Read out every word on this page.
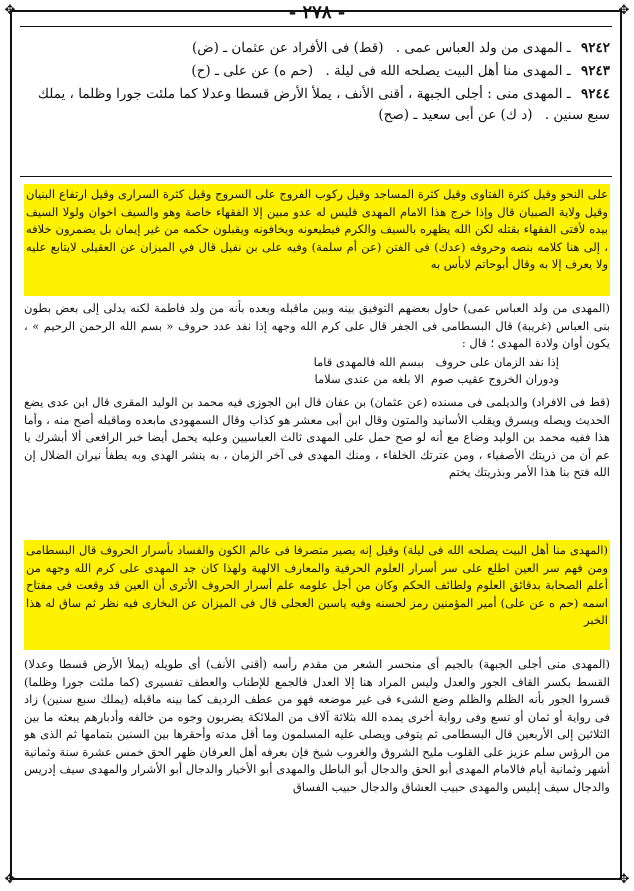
✥	✥
✥	✥
- ٢٧٨ -
٩٢٤٢ ـ المهدى من ولد العباس عمى . (قط) فى الأفراد عن عثمان ـ (ض)
٩٢٤٣ ـ المهدى منا أهل البيت يصلحه الله فى ليلة . (حم ه) عن على ـ (ح)
٩٢٤٤ ـ المهدى منى : أجلى الجبهة ، أقنى الأنف ، يملأ الأرض قسطا وعدلا كما ملئت جورا وظلما ، يملك سبع سنين . (د ك) عن أبى سعيد ـ (صح)
على النحو وقيل كثرة الفتاوى وقيل كثرة المساجد وقيل ركوب الفروج على السروج وقيل كثرة السرارى وقيل ارتفاع البنيان وقيل ولاية الصبيان قال وإذا خرج هذا الامام المهدى فليس له عدو مبين إلا الفقهاء خاصة وهو والسيف اخوان ولولا السيف بيده لأفتى الفقهاء بقتله لكن الله يظهره بالسيف والكرم فيطيعونه ويخافونه ويقبلون حكمه من غير إيمان بل يضمرون خلافه ، إلى هنا كلامه بنصه وحروفه (عدك) فى الفتن (عن أم سلمة) وفيه على بن نفيل قال في الميزان عن العقيلى لايتابع عليه ولا يعرف إلا به وقال أبوحاتم لابأس به
(المهدى من ولد العباس عمى) حاول بعضهم التوفيق بينه وبين ماقبله وبعده بأنه من ولد فاطمة لكنه يدلى إلى بعض بطون بنى العباس (غريبة) قال البسطامى فى الجفر قال على كرم الله وجهه إذا نفد عدد حروف « بسم الله الرحمن الرحيم » ، يكون أوان ولادة المهدى ؛ قال :
إذا نفد الزمان على حروف
ببسم الله فالمهدى قاما
ودوران الخروج عقيب صوم
الا بلغه من عندى سلاما
(قط فى الافراد) والديلمى فى مسنده (عن عثمان) بن عفان قال ابن الجوزى فيه محمد بن الوليد المقرى قال ابن عدى يضع الحديث ويصله ويسرق ويقلب الأسانيد والمتون وقال ابن أبى معشر هو كذاب وقال السمهودى مابعده وماقبله أصح منه ، وأما هذا ففيه محمد بن الوليد وضاع مع أنه لو صح حمل على المهدى ثالث العباسيين وعليه يحمل أيضا خبر الرافعى ألا أبشرك يا عم أن من ذريتك الأصفياء ، ومن عترتك الخلفاء ، ومنك المهدى فى آخر الزمان ، به ينشر الهدى وبه يطفأ نيران الضلال إن الله فتح بنا هذا الأمر وبذريتك يختم
(المهدى منا أهل البيت يصلحه الله فى ليلة) وقيل إنه يصير متصرفا فى عالم الكون والفساد بأسرار الحروف قال البسطامى ومن فهم سر العين اطلع على سر أسرار العلوم الحرفية والمعارف الالهية ولهذا كان جد المهدى على كرم الله وجهه من أعلم الصحابة بدقائق العلوم ولطائف الحكم وكان من أجل علومه علم أسرار الحروف الأترى أن العين قد وقعت فى مفتاح اسمه (حم ه عن على) أمير المؤمنين رمز لحسنه وفيه ياسين العجلى قال فى الميزان عن البخارى فيه نظر ثم ساق له هذا الخبر
(المهدى منى أجلى الجبهة) بالجيم أى منحسر الشعر من مقدم رأسه (أقنى الأنف) أى طويله (يملأ الأرض قسطا وعدلا) القسط بكسر القاف الجور والعدل وليس المراد هنا إلا العدل فالجمع للإطناب والعطف تفسيرى (كما ملئت جورا وظلما) قسروا الجور بأنه الظلم والظلم وضع الشىء فى غير موضعه فهو من عطف الرديف كما بينه ماقبله (يملك سبع سنين) زاد فى رواية أو ثمان أو تسع وفى رواية أخرى يمده الله بثلاثة آلاف من الملائكة يضربون وجوه من خالفه وأدبارهم يبعثه ما بين الثلاثين إلى الأربعين قال البسطامى ثم يتوفى ويصلى عليه المسلمون وما أقل مدته وأحقرها بين السنين بتمامها ثم الذى هو من الرؤس سلم عزيز على القلوب مليح الشروق والغروب شيخ فإن بعرفه أهل العرفان ظهر الحق خمس عشرة سنة وثمانية أشهر وثمانية أيام فالامام المهدى أبو الحق والدجال أبو الباطل والمهدى أبو الأخيار والدجال أبو الأشرار والمهدى سيف إدريس والدجال سيف إبليس والمهدى حبيب العشاق والدجال حبيب الفساق
